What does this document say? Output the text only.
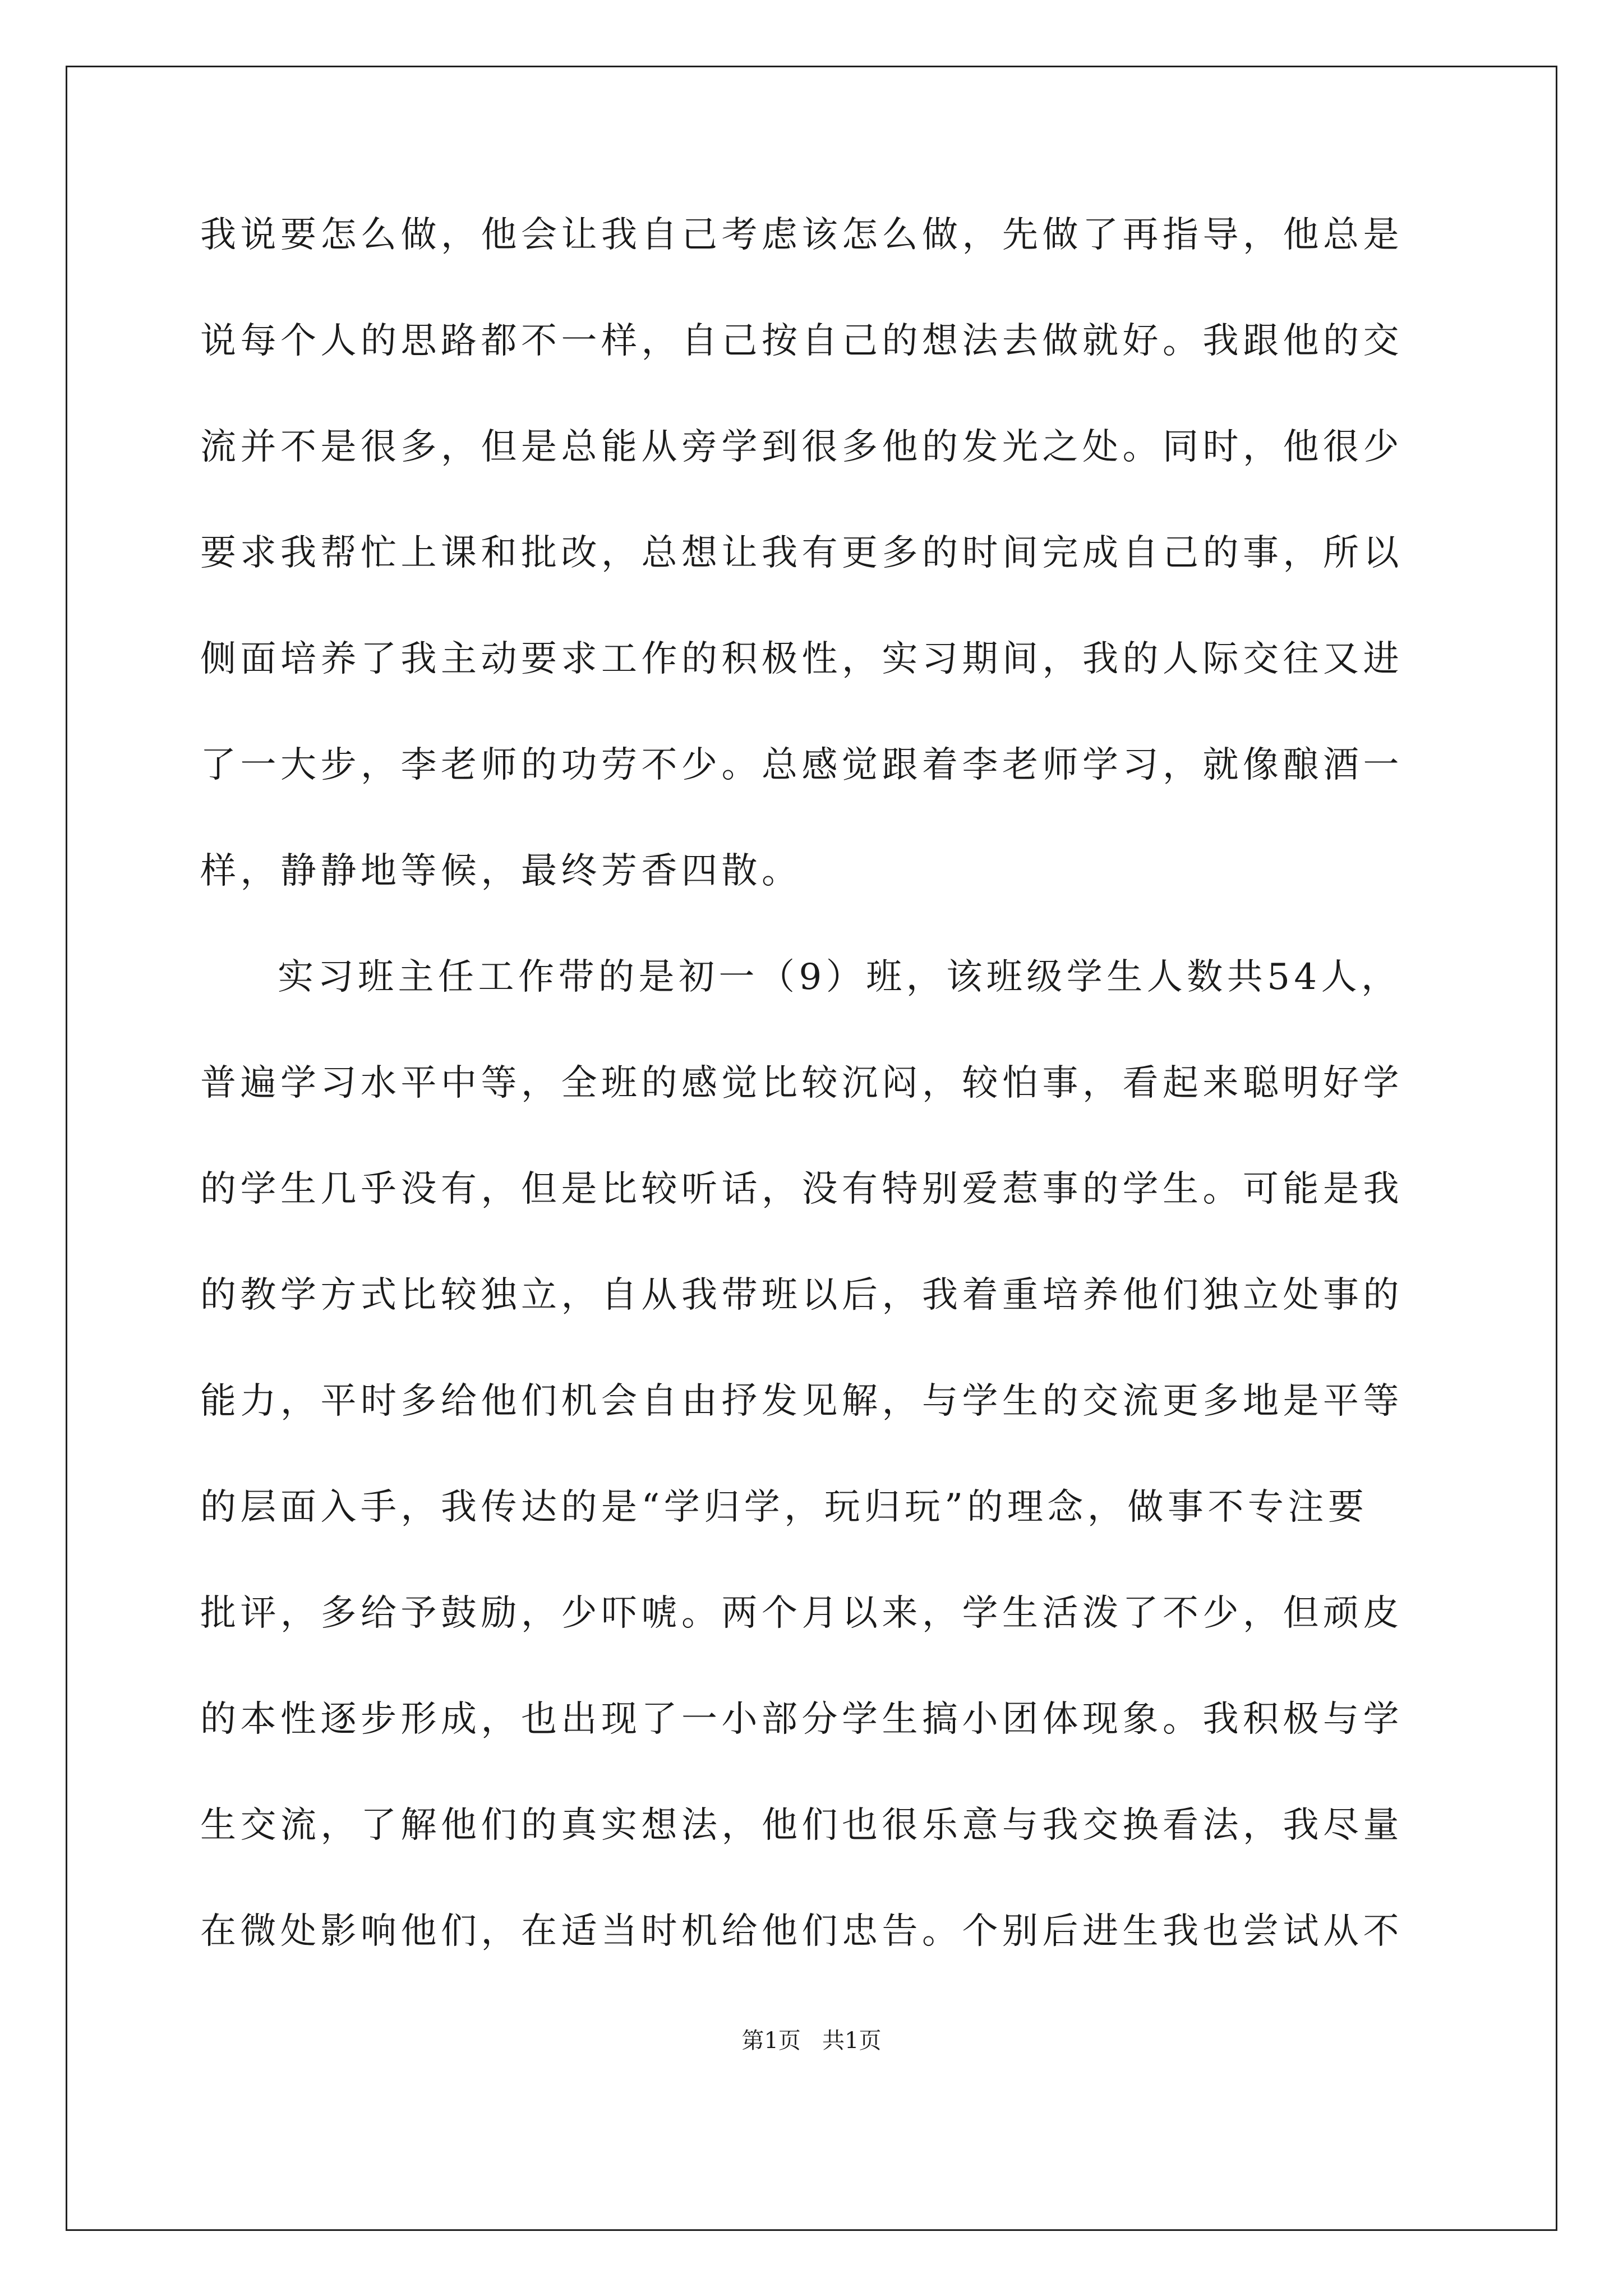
我说要怎么做，他会让我自己考虑该怎么做，先做了再指导，他总是
说每个人的思路都不一样，自己按自己的想法去做就好。我跟他的交
流并不是很多，但是总能从旁学到很多他的发光之处。同时，他很少
要求我帮忙上课和批改，总想让我有更多的时间完成自己的事，所以
侧面培养了我主动要求工作的积极性，实习期间，我的人际交往又进
了一大步，李老师的功劳不少。总感觉跟着李老师学习，就像酿酒一
样，静静地等候，最终芳香四散。
实习班主任工作带的是初一（9）班，该班级学生人数共54人，
普遍学习水平中等，全班的感觉比较沉闷，较怕事，看起来聪明好学
的学生几乎没有，但是比较听话，没有特别爱惹事的学生。可能是我
的教学方式比较独立，自从我带班以后，我着重培养他们独立处事的
能力，平时多给他们机会自由抒发见解，与学生的交流更多地是平等
的层面入手，我传达的是“学归学，玩归玩”的理念，做事不专注要
批评，多给予鼓励，少吓唬。两个月以来，学生活泼了不少，但顽皮
的本性逐步形成，也出现了一小部分学生搞小团体现象。我积极与学
生交流，了解他们的真实想法，他们也很乐意与我交换看法，我尽量
在微处影响他们，在适当时机给他们忠告。个别后进生我也尝试从不
第1页   共1页
